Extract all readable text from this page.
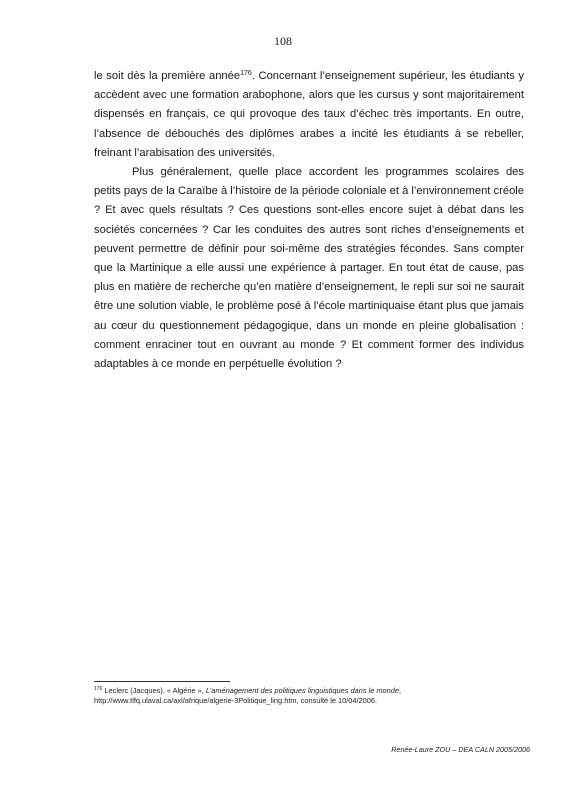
108

le soit dès la première année$^{176}$. Concernant l’enseignement supérieur, les étudiants y accèdent avec une formation arabophone, alors que les cursus y sont majoritairement dispensés en français, ce qui provoque des taux d’échec très importants. En outre, l’absence de débouchés des diplômes arabes a incité les étudiants à se rebeller, freinant l’arabisation des universités.

Plus généralement, quelle place accordent les programmes scolaires des petits pays de la Caraïbe à l’histoire de la période coloniale et à l’environnement créole ? Et avec quels résultats ? Ces questions sont-elles encore sujet à débat dans les sociétés concernées ? Car les conduites des autres sont riches d’enseignements et peuvent permettre de définir pour soi-même des stratégies fécondes. Sans compter que la Martinique a elle aussi une expérience à partager. En tout état de cause, pas plus en matière de recherche qu’en matière d’enseignement, le repli sur soi ne saurait être une solution viable, le problème posé à l’école martiniquaise étant plus que jamais au cœur du questionnement pédagogique, dans un monde en pleine globalisation : comment enraciner tout en ouvrant au monde ? Et comment former des individus adaptables à ce monde en perpétuelle évolution ?

$^{176}$ Leclerc (Jacques). « Algérie », L’aménagement des politiques linguistiques dans le monde,
http://www.tlfq.ulaval.ca/axl/afrique/algerie-3Politique_ling.htm, consulté le 10/04/2006.
Renée-Laure ZOU – DEA CALN 2005/2006
